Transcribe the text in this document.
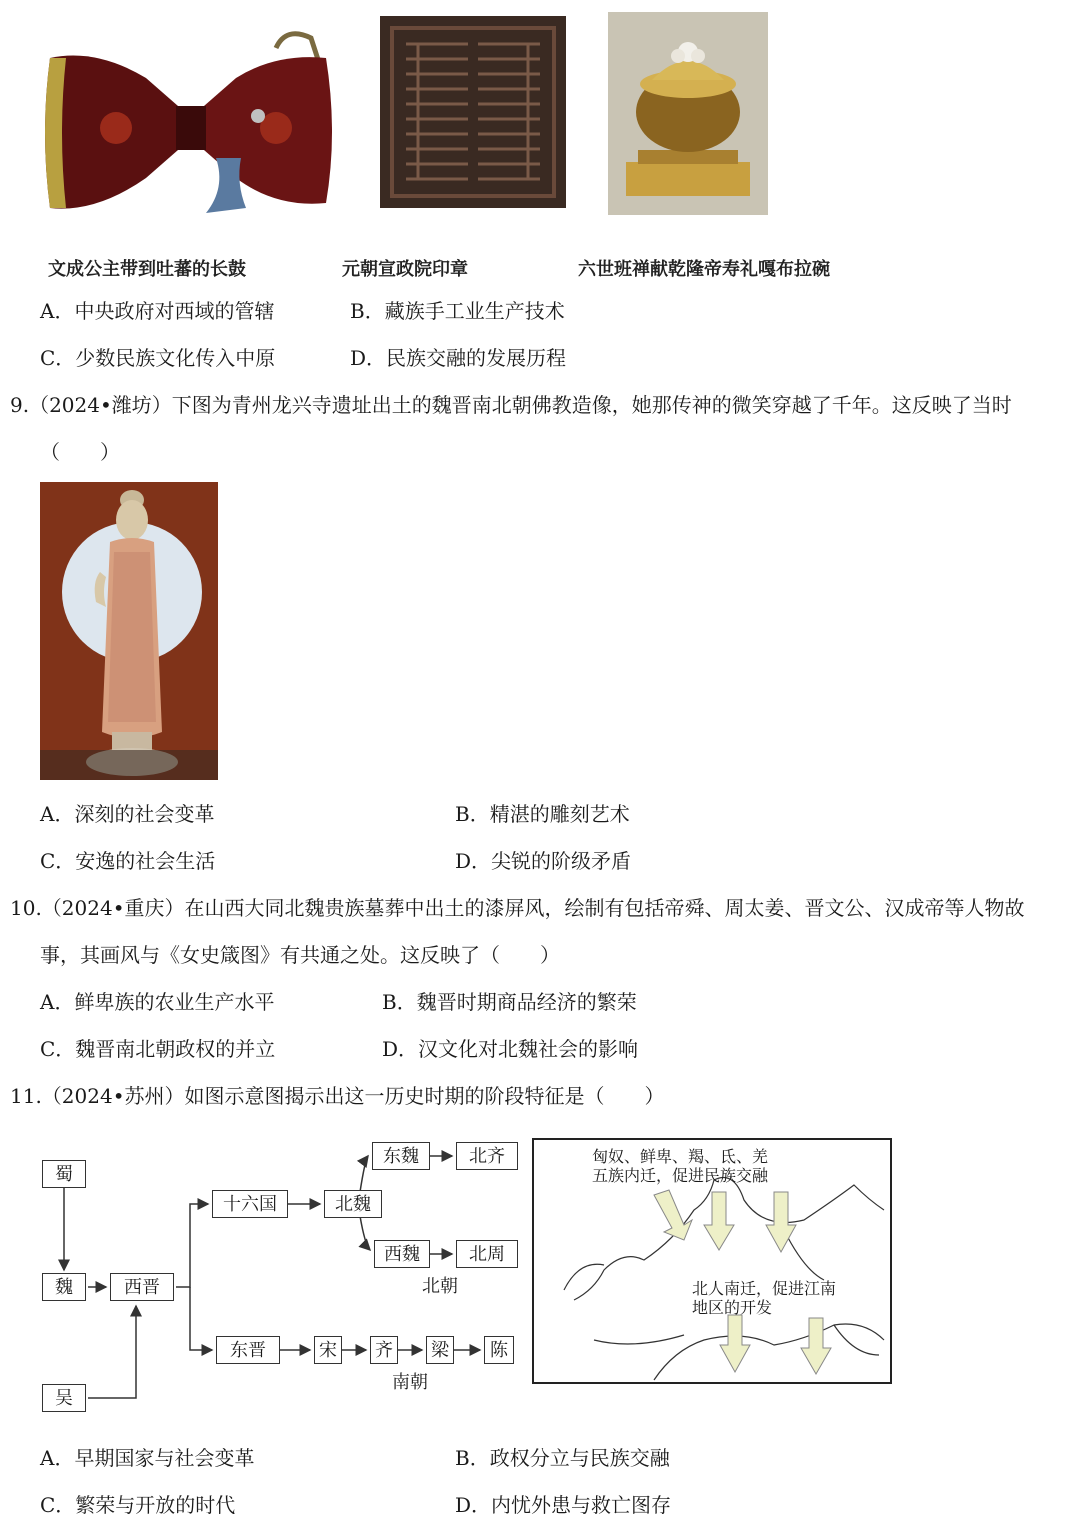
文成公主带到吐蕃的长鼓	元朝宣政院印章	六世班禅献乾隆帝寿礼嘎布拉碗
A．中央政府对西域的管辖	B．藏族手工业生产技术
C．少数民族文化传入中原	D．民族交融的发展历程
9.（2024•潍坊）下图为青州龙兴寺遗址出土的魏晋南北朝佛教造像，她那传神的微笑穿越了千年。这反映了当时
（　　）
A．深刻的社会变革	B．精湛的雕刻艺术
C．安逸的社会生活	D．尖锐的阶级矛盾
10.（2024•重庆）在山西大同北魏贵族墓葬中出土的漆屏风，绘制有包括帝舜、周太姜、晋文公、汉成帝等人物故
事，其画风与《女史箴图》有共通之处。这反映了（　　）
A．鲜卑族的农业生产水平	B．魏晋时期商品经济的繁荣
C．魏晋南北朝政权的并立	D．汉文化对北魏社会的影响
11.（2024•苏州）如图示意图揭示出这一历史时期的阶段特征是（　　）
蜀
魏
吴
西晋
十六国	北魏
东魏	北齐
西魏	北周
北朝
东晋	宋 齐 梁	陈
南朝
匈奴、鲜卑、羯、氐、羌
五族内迁，促进民族交融
北人南迁，促进江南
地区的开发
A．早期国家与社会变革	B．政权分立与民族交融
C．繁荣与开放的时代	D．内忧外患与救亡图存
